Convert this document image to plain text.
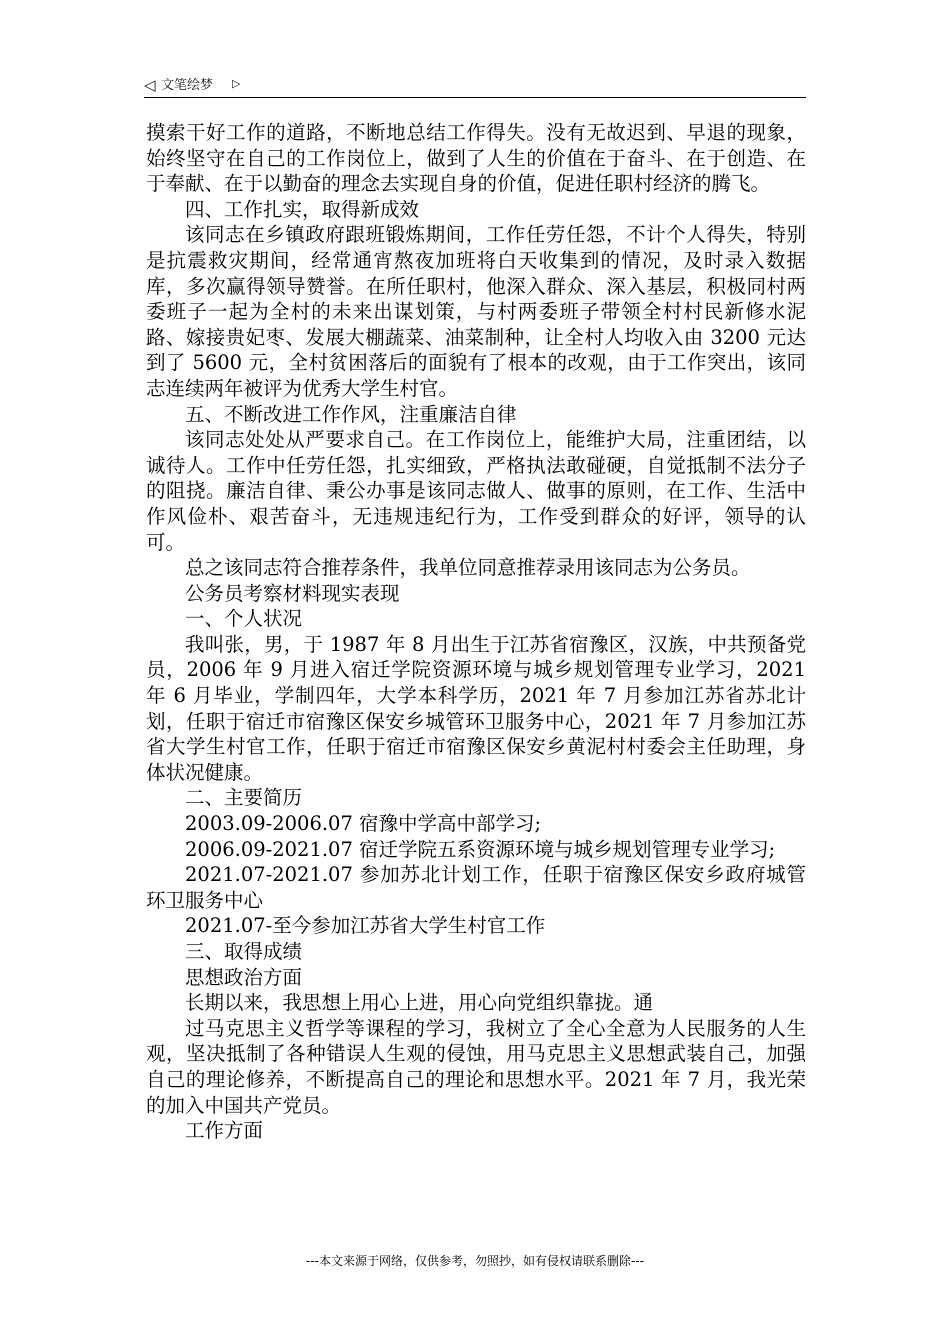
◁ 文笔绘梦 ▷

摸索干好工作的道路，不断地总结工作得失。没有无故迟到、早退的现象，始终坚守在自己的工作岗位上，做到了人生的价值在于奋斗、在于创造、在于奉献、在于以勤奋的理念去实现自身的价值，促进任职村经济的腾飞。

四、工作扎实，取得新成效

该同志在乡镇政府跟班锻炼期间，工作任劳任怨，不计个人得失，特别是抗震救灾期间，经常通宵熬夜加班将白天收集到的情况，及时录入数据库，多次赢得领导赞誉。在所任职村，他深入群众、深入基层，积极同村两委班子一起为全村的未来出谋划策，与村两委班子带领全村村民新修水泥路、嫁接贵妃枣、发展大棚蔬菜、油菜制种，让全村人均收入由 3200 元达到了 5600 元，全村贫困落后的面貌有了根本的改观，由于工作突出，该同志连续两年被评为优秀大学生村官。

五、不断改进工作作风，注重廉洁自律

该同志处处从严要求自己。在工作岗位上，能维护大局，注重团结，以诚待人。工作中任劳任怨，扎实细致，严格执法敢碰硬，自觉抵制不法分子的阻挠。廉洁自律、秉公办事是该同志做人、做事的原则，在工作、生活中作风俭朴、艰苦奋斗，无违规违纪行为，工作受到群众的好评，领导的认可。

总之该同志符合推荐条件，我单位同意推荐录用该同志为公务员。

公务员考察材料现实表现

一、个人状况

我叫张，男，于 1987 年 8 月出生于江苏省宿豫区，汉族，中共预备党员，2006 年 9 月进入宿迁学院资源环境与城乡规划管理专业学习，2021 年 6 月毕业，学制四年，大学本科学历，2021 年 7 月参加江苏省苏北计划，任职于宿迁市宿豫区保安乡城管环卫服务中心，2021 年 7 月参加江苏省大学生村官工作，任职于宿迁市宿豫区保安乡黄泥村村委会主任助理，身体状况健康。

二、主要简历

2003.09-2006.07 宿豫中学高中部学习;

2006.09-2021.07 宿迁学院五系资源环境与城乡规划管理专业学习;

2021.07-2021.07 参加苏北计划工作，任职于宿豫区保安乡政府城管环卫服务中心

2021.07-至今参加江苏省大学生村官工作

三、取得成绩

思想政治方面

长期以来，我思想上用心上进，用心向党组织靠拢。通

过马克思主义哲学等课程的学习，我树立了全心全意为人民服务的人生观，坚决抵制了各种错误人生观的侵蚀，用马克思主义思想武装自己，加强自己的理论修养，不断提高自己的理论和思想水平。2021 年 7 月，我光荣的加入中国共产党员。

工作方面

---本文来源于网络，仅供参考，勿照抄，如有侵权请联系删除---
